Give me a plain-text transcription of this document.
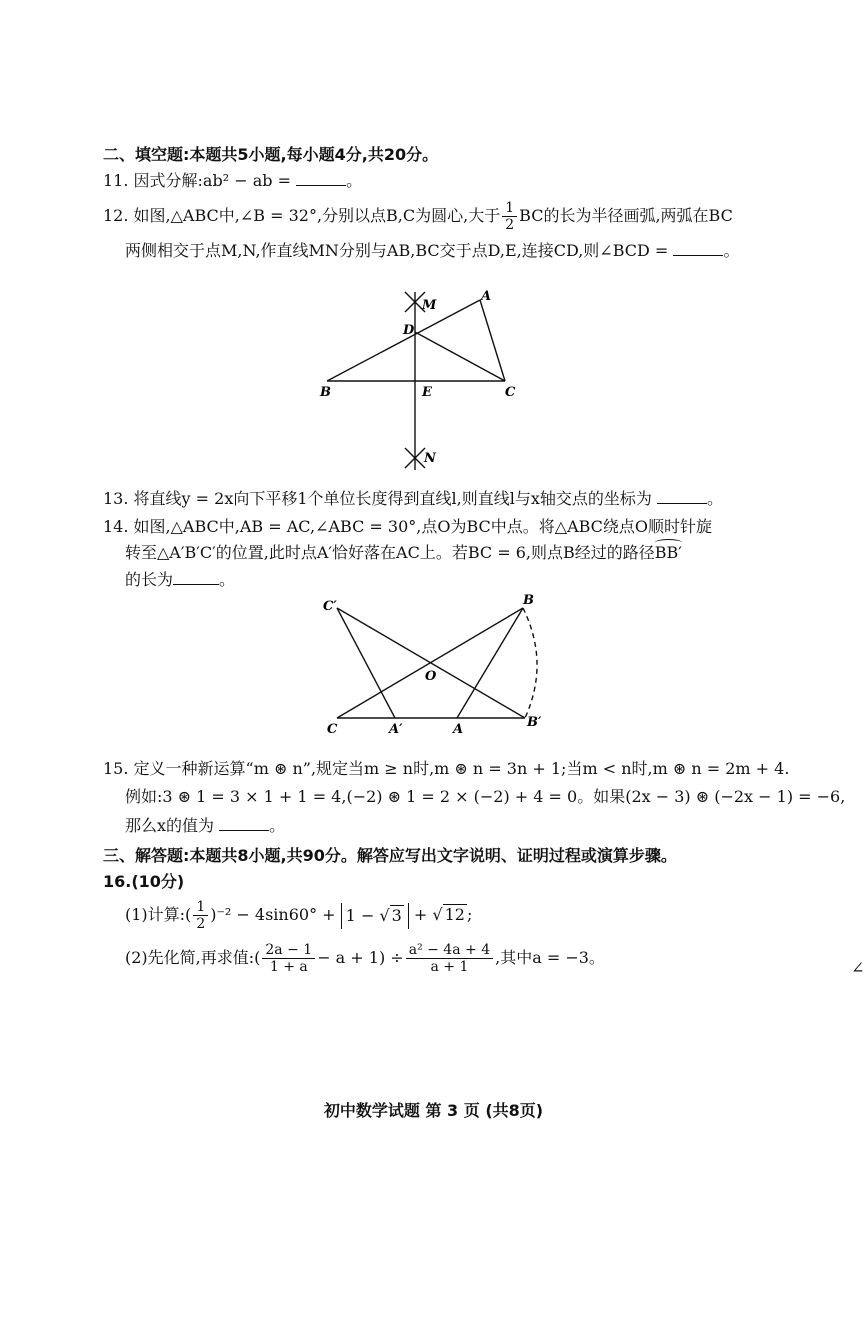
二、填空题:本题共5小题,每小题4分,共20分。
11. 因式分解:ab² − ab =	。
12. 如图,△ABC中,∠B = 32°,分别以点B,C为圆心,大于 $\frac{1}{2}$ BC的长为半径画弧,两弧在BC
两侧相交于点M,N,作直线MN分别与AB,BC交于点D,E,连接CD,则∠BCD =	。
M
A
D
B	E	C
N
13. 将直线y = 2x向下平移1个单位长度得到直线l,则直线l与x轴交点的坐标为	。
14. 如图,△ABC中,AB = AC,∠ABC = 30°,点O为BC中点。将△ABC绕点O顺时针旋
转至△A′B′C′的位置,此时点A′恰好落在AC上。若BC = 6,则点B经过的路径
BB′
的长为	。
C′	B
O
C	A′	A	B′
15. 定义一种新运算“m ⊛ n”,规定当m ≥ n时,m ⊛ n = 3n + 1;当m < n时,m ⊛ n = 2m + 4.
例如:3 ⊛ 1 = 3 × 1 + 1 = 4,(−2) ⊛ 1 = 2 × (−2) + 4 = 0。如果(2x − 3) ⊛ (−2x − 1) = −6,
那么x的值为	。
三、解答题:本题共8小题,共90分。解答应写出文字说明、证明过程或演算步骤。
16.(10分)
(1)计算:( $\frac{1}{2} )^{-2} - 4\sin 60^\circ + 1$ − √ 3 + √ 12 ;
(2)先化简,再求值:( $\frac{2a - 1}{1 + a} - a + 1) \div \frac{\text{a² − 4a + 4}}{a + 1}$ ,其中a = −3。
∠
初中数学试题 第 3 页 (共8页)
